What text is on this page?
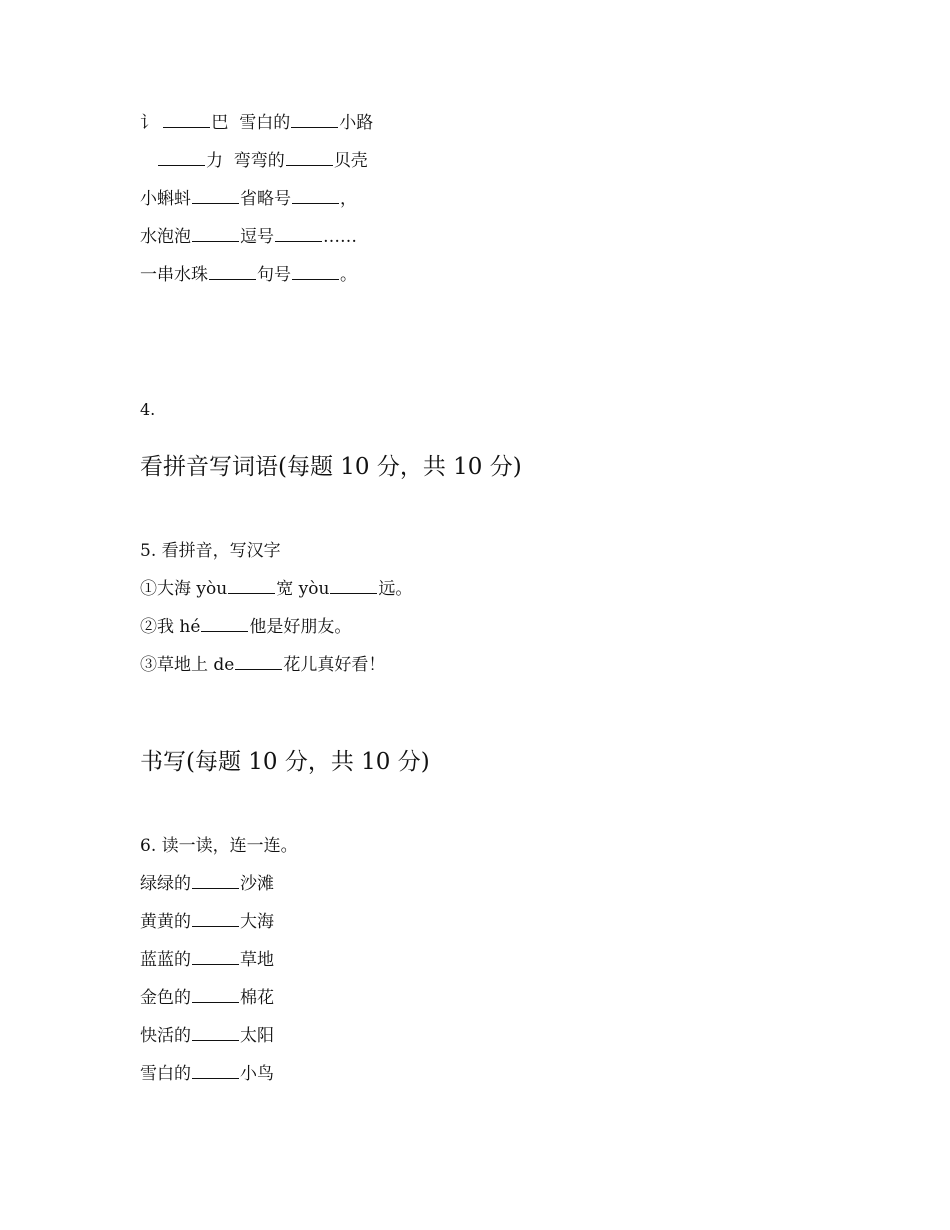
讠	巴  雪白的	小路
力  弯弯的	贝壳
小蝌蚪	省略号	，
水泡泡	逗号	……
一串水珠	句号	。
4.
看拼音写词语(每题 10 分，共 10 分)
5. 看拼音，写汉字
①大海 yòu	宽 yòu	远。
②我 hé	他是好朋友。
③草地上 de	花儿真好看！
书写(每题 10 分，共 10 分)
6. 读一读，连一连。
绿绿的	沙滩
黄黄的	大海
蓝蓝的	草地
金色的	棉花
快活的	太阳
雪白的	小鸟
